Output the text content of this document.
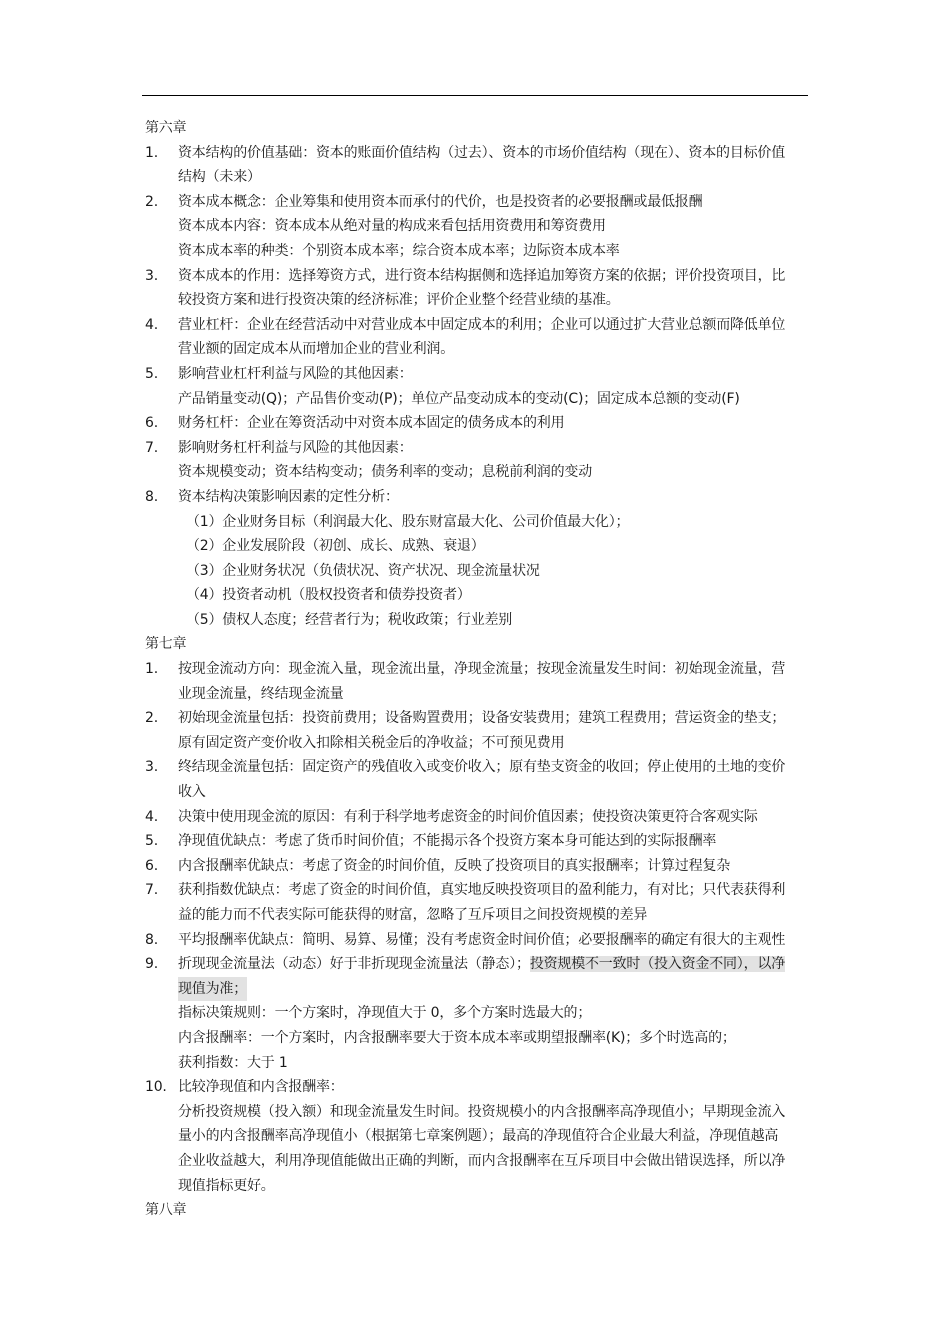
第六章
1. 资本结构的价值基础：资本的账面价值结构（过去）、资本的市场价值结构（现在）、资本的目标价值
结构（未来）
2. 资本成本概念：企业筹集和使用资本而承付的代价，也是投资者的必要报酬或最低报酬
资本成本内容：资本成本从绝对量的构成来看包括用资费用和筹资费用
资本成本率的种类：个别资本成本率；综合资本成本率；边际资本成本率
3. 资本成本的作用：选择筹资方式，进行资本结构据侧和选择追加筹资方案的依据；评价投资项目，比
较投资方案和进行投资决策的经济标准；评价企业整个经营业绩的基准。
4. 营业杠杆：企业在经营活动中对营业成本中固定成本的利用；企业可以通过扩大营业总额而降低单位
营业额的固定成本从而增加企业的营业利润。
5. 影响营业杠杆利益与风险的其他因素：
产品销量变动(Q)；产品售价变动(P)；单位产品变动成本的变动(C)；固定成本总额的变动(F)
6. 财务杠杆：企业在筹资活动中对资本成本固定的债务成本的利用
7. 影响财务杠杆利益与风险的其他因素：
资本规模变动；资本结构变动；债务利率的变动；息税前利润的变动
8. 资本结构决策影响因素的定性分析：
（1）企业财务目标（利润最大化、股东财富最大化、公司价值最大化）；
（2）企业发展阶段（初创、成长、成熟、衰退）
（3）企业财务状况（负债状况、资产状况、现金流量状况
（4）投资者动机（股权投资者和债券投资者）
（5）债权人态度；经营者行为；税收政策；行业差别
第七章
1. 按现金流动方向：现金流入量，现金流出量，净现金流量；按现金流量发生时间：初始现金流量，营
业现金流量，终结现金流量
2. 初始现金流量包括：投资前费用；设备购置费用；设备安装费用；建筑工程费用；营运资金的垫支；
原有固定资产变价收入扣除相关税金后的净收益；不可预见费用
3. 终结现金流量包括：固定资产的残值收入或变价收入；原有垫支资金的收回；停止使用的土地的变价
收入
4. 决策中使用现金流的原因：有利于科学地考虑资金的时间价值因素；使投资决策更符合客观实际
5. 净现值优缺点：考虑了货币时间价值；不能揭示各个投资方案本身可能达到的实际报酬率
6. 内含报酬率优缺点：考虑了资金的时间价值，反映了投资项目的真实报酬率；计算过程复杂
7. 获利指数优缺点：考虑了资金的时间价值，真实地反映投资项目的盈利能力，有对比；只代表获得利
益的能力而不代表实际可能获得的财富，忽略了互斥项目之间投资规模的差异
8. 平均报酬率优缺点：简明、易算、易懂；没有考虑资金时间价值；必要报酬率的确定有很大的主观性
9. 折现现金流量法（动态）好于非折现现金流量法（静态）；投资规模不一致时（投入资金不同），以净
现值为准；
指标决策规则：一个方案时，净现值大于 0，多个方案时选最大的；
内含报酬率：一个方案时，内含报酬率要大于资本成本率或期望报酬率(K)；多个时选高的；
获利指数：大于 1
10. 比较净现值和内含报酬率：
分析投资规模（投入额）和现金流量发生时间。投资规模小的内含报酬率高净现值小；早期现金流入
量小的内含报酬率高净现值小（根据第七章案例题）；最高的净现值符合企业最大利益，净现值越高
企业收益越大，利用净现值能做出正确的判断，而内含报酬率在互斥项目中会做出错误选择，所以净
现值指标更好。
第八章
